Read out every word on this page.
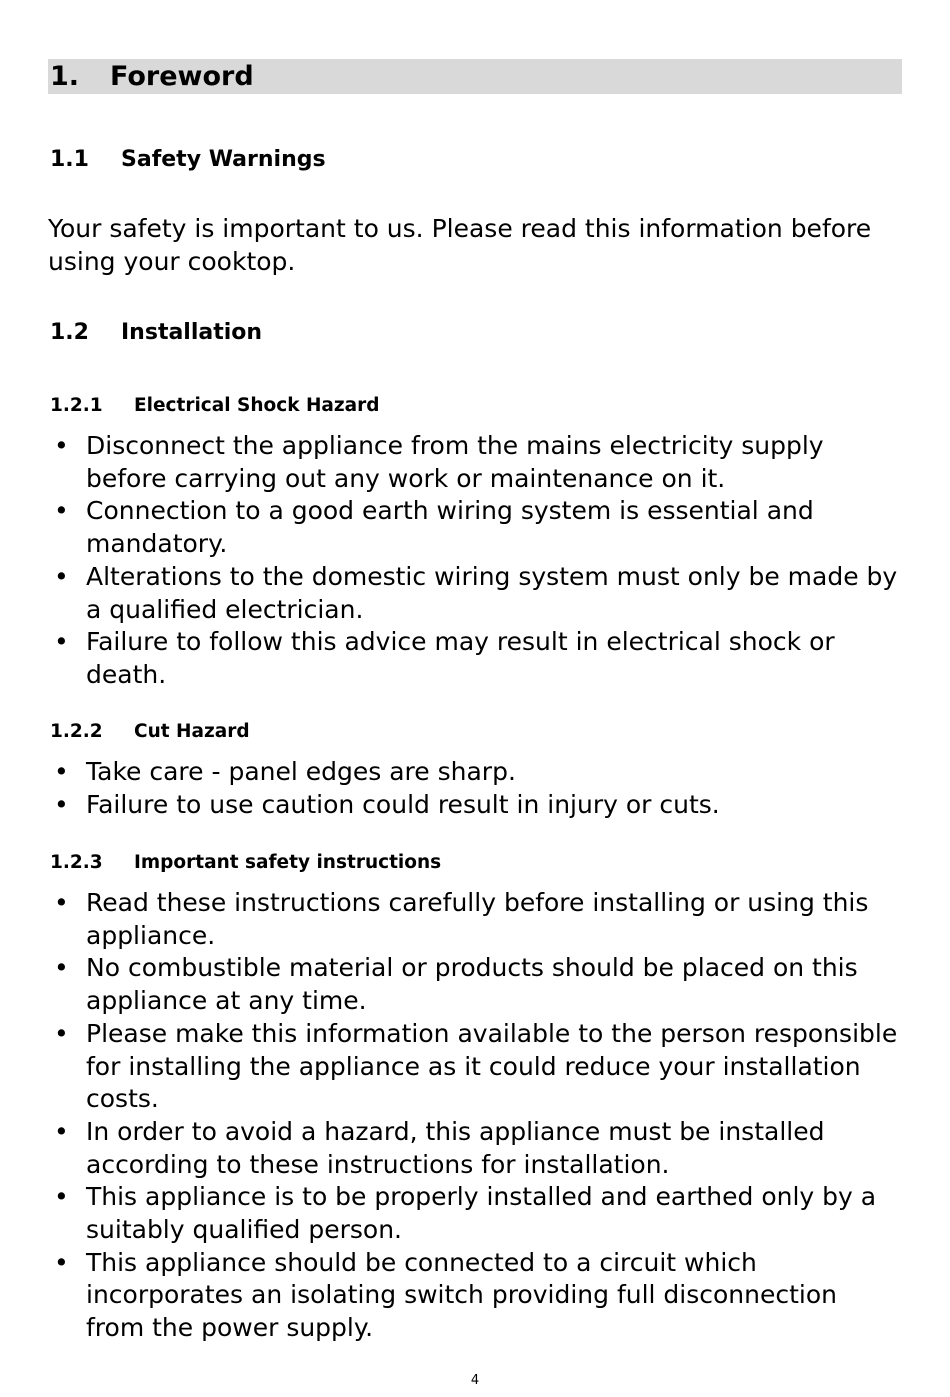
1. Foreword
1.1 Safety Warnings

Your safety is important to us. Please read this information before using your cooktop.

1.2 Installation
1.2.1 Electrical Shock Hazard
• Disconnect the appliance from the mains electricity supply before carrying out any work or maintenance on it.
• Connection to a good earth wiring system is essential and mandatory.
• Alterations to the domestic wiring system must only be made by a qualified electrician.
• Failure to follow this advice may result in electrical shock or death.
1.2.2 Cut Hazard
• Take care - panel edges are sharp.
• Failure to use caution could result in injury or cuts.
1.2.3 Important safety instructions
• Read these instructions carefully before installing or using this appliance.
• No combustible material or products should be placed on this appliance at any time.
• Please make this information available to the person responsible for installing the appliance as it could reduce your installation costs.
• In order to avoid a hazard, this appliance must be installed according to these instructions for installation.
• This appliance is to be properly installed and earthed only by a suitably qualified person.
• This appliance should be connected to a circuit which incorporates an isolating switch providing full disconnection from the power supply.
4
